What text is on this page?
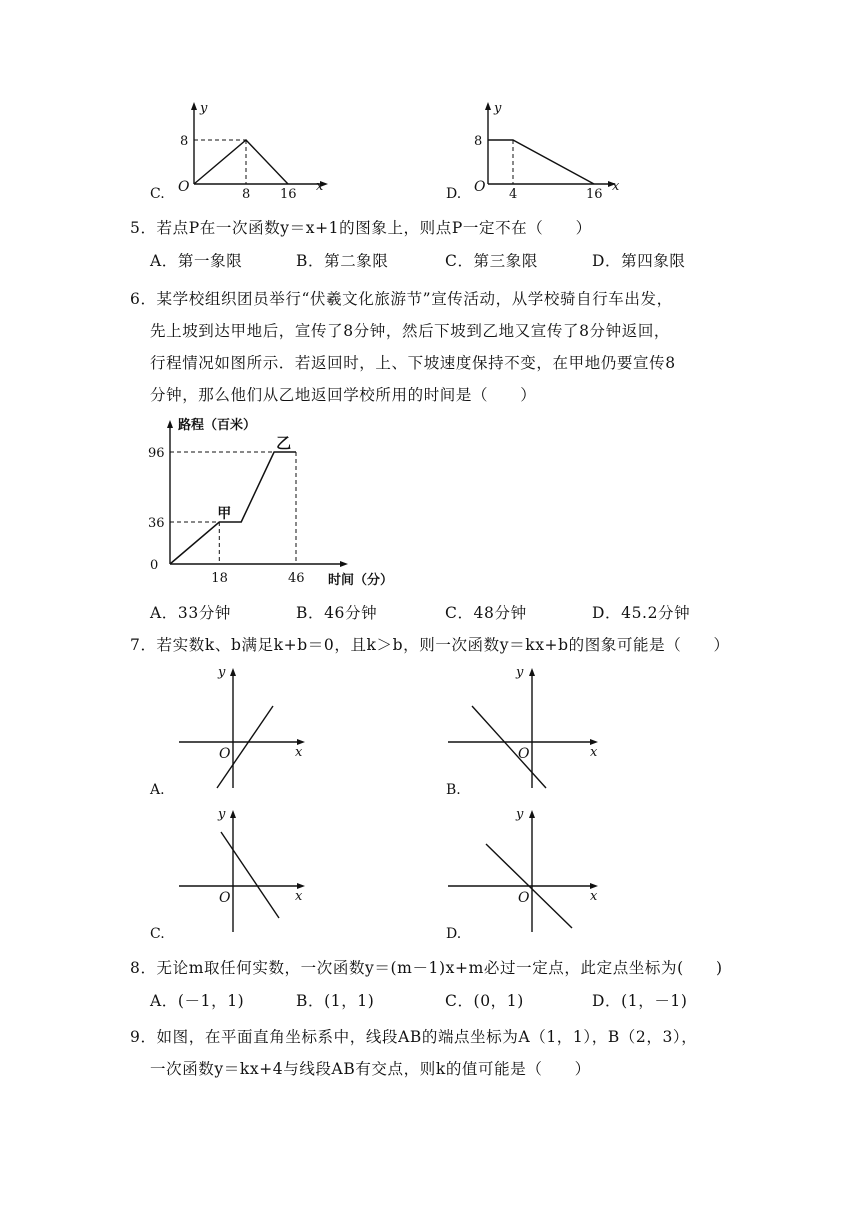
C. O
y
x
8
8 16	D. O
y
x
8
4	16
5．若点P在一次函数y＝x+1的图象上，则点P一定不在（　　）
A．第一象限	B．第二象限	C．第三象限	D．第四象限
6．某学校组织团员举行“伏羲文化旅游节”宣传活动，从学校骑自行车出发，
先上坡到达甲地后，宣传了8分钟，然后下坡到乙地又宣传了8分钟返回，
行程情况如图所示．若返回时，上、下坡速度保持不变，在甲地仍要宣传8
分钟，那么他们从乙地返回学校所用的时间是（　　）
0
18	46
36
96
路程（百米）
时间（分）
甲
乙
A．33分钟	B．46分钟	C．48分钟	D．45.2分钟
7．若实数k、b满足k+b＝0，且k＞b，则一次函数y＝kx+b的图象可能是（　　）
A.
O
y
x
B.
O
y
x
C.
O
y
x
D.
O
y
x
8．无论m取任何实数，一次函数y＝(m－1)x+m必过一定点，此定点坐标为(　　)
A．(－1，1)	B．(1，1)	C．(0，1)	D．(1，－1)
9．如图，在平面直角坐标系中，线段AB的端点坐标为A（1，1），B（2，3），
一次函数y＝kx+4与线段AB有交点，则k的值可能是（　　）
